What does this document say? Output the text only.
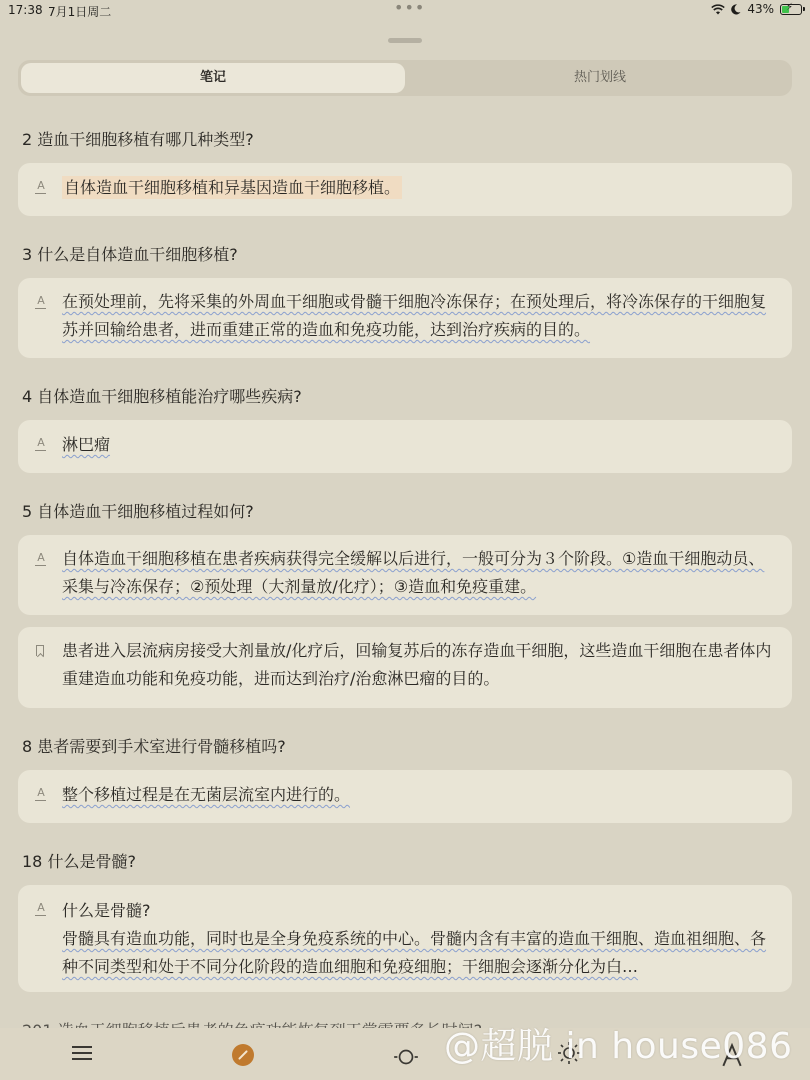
17:38 7月1日周二	•••	43% ⚡
笔记	热门划线
2 造血干细胞移植有哪几种类型?
A 自体造血干细胞移植和异基因造血干细胞移植。
3 什么是自体造血干细胞移植?
A 在预处理前，先将采集的外周血干细胞或骨髓干细胞冷冻保存；在预处理后，将冷冻保存的干细胞复苏并回输给患者，进而重建正常的造血和免疫功能，达到治疗疾病的目的。
4 自体造血干细胞移植能治疗哪些疾病?
A 淋巴瘤
5 自体造血干细胞移植过程如何?
A 自体造血干细胞移植在患者疾病获得完全缓解以后进行，一般可分为３个阶段。①造血干细胞动员、采集与冷冻保存；②预处理（大剂量放/化疗）；③造血和免疫重建。
患者进入层流病房接受大剂量放/化疗后，回输复苏后的冻存造血干细胞，这些造血干细胞在患者体内重建造血功能和免疫功能，进而达到治疗/治愈淋巴瘤的目的。
8 患者需要到手术室进行骨髓移植吗?
A 整个移植过程是在无菌层流室内进行的。
18 什么是骨髓?
A 什么是骨髓?
骨髓具有造血功能，同时也是全身免疫系统的中心。骨髓内含有丰富的造血干细胞、造血祖细胞、各种不同类型和处于不同分化阶段的造血细胞和免疫细胞；干细胞会逐渐分化为白…
@超脱 in house086
